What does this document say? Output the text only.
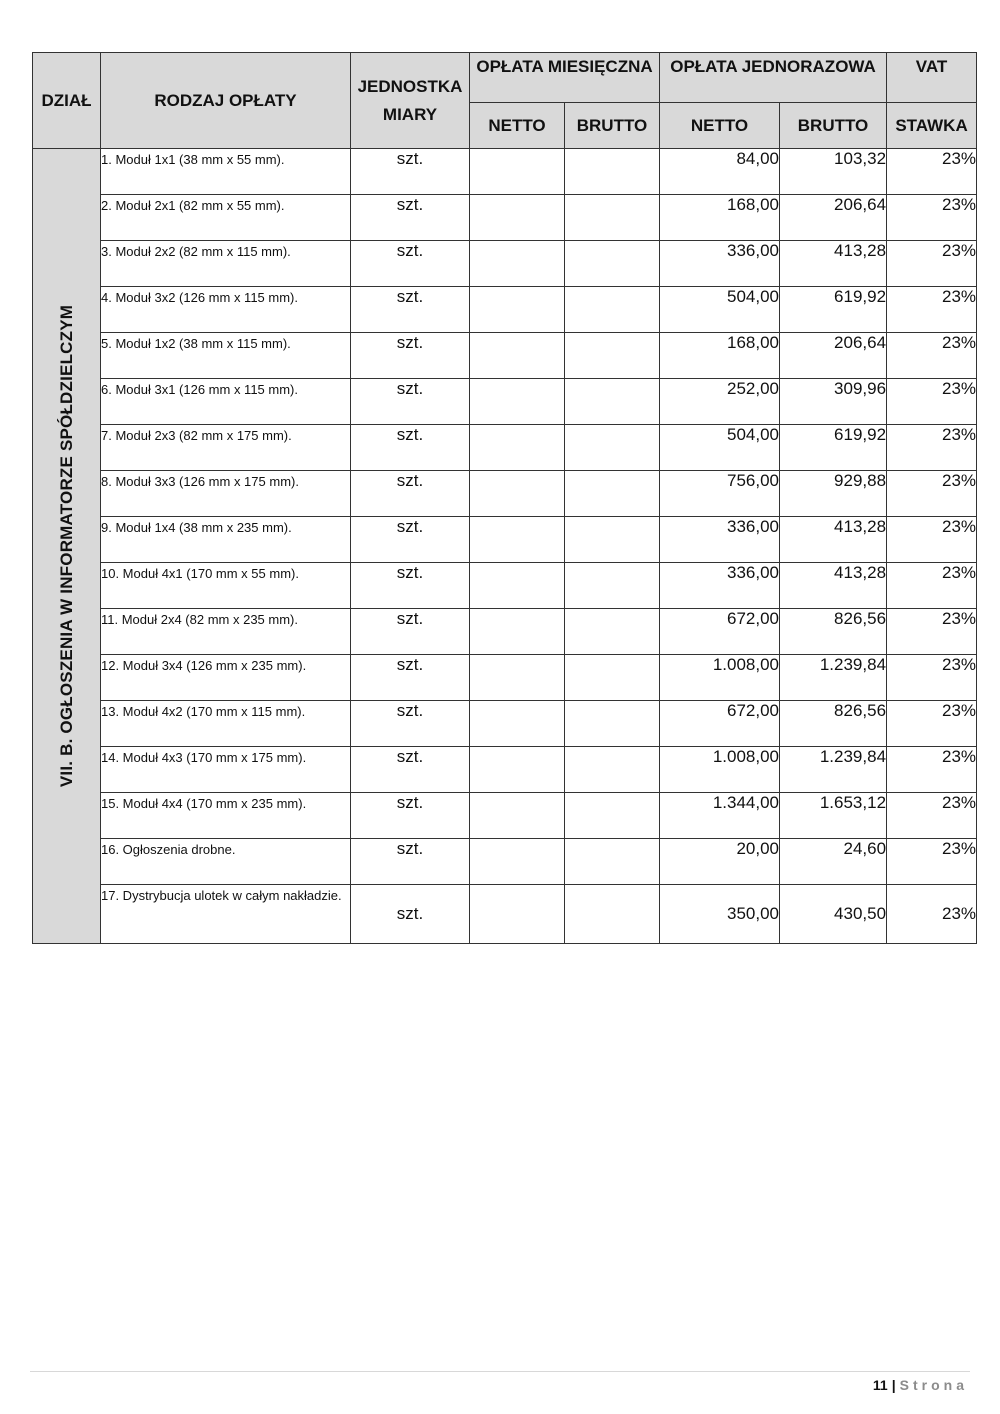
DZIAŁ	RODZAJ OPŁATY	JEDNOSTKA MIARY	OPŁATA MIESIĘCZNA		OPŁATA JEDNORAZOWA		VAT
			NETTO	BRUTTO	NETTO	BRUTTO	STAWKA

VII. B. OGŁOSZENIA W INFORMATORZE SPÓŁDZIELCZYM	1. Moduł 1x1 (38 mm x 55 mm).	szt.			84,00	103,32	23%
	2. Moduł 2x1 (82 mm x 55 mm).	szt.			168,00	206,64	23%
	3. Moduł 2x2 (82 mm x 115 mm).	szt.			336,00	413,28	23%
	4. Moduł 3x2 (126 mm x 115 mm).	szt.			504,00	619,92	23%
	5. Moduł 1x2 (38 mm x 115 mm).	szt.			168,00	206,64	23%
	6. Moduł 3x1 (126 mm x 115 mm).	szt.			252,00	309,96	23%
	7. Moduł 2x3 (82 mm x 175 mm).	szt.			504,00	619,92	23%
	8. Moduł 3x3 (126 mm x 175 mm).	szt.			756,00	929,88	23%
	9. Moduł 1x4 (38 mm x 235 mm).	szt.			336,00	413,28	23%
	10. Moduł 4x1 (170 mm x 55 mm).	szt.			336,00	413,28	23%
	11. Moduł 2x4 (82 mm x 235 mm).	szt.			672,00	826,56	23%
	12. Moduł 3x4 (126 mm x 235 mm).	szt.			1.008,00	1.239,84	23%
	13. Moduł 4x2 (170 mm x 115 mm).	szt.			672,00	826,56	23%
	14. Moduł 4x3 (170 mm x 175 mm).	szt.			1.008,00	1.239,84	23%
	15. Moduł 4x4 (170 mm x 235 mm).	szt.			1.344,00	1.653,12	23%
	16. Ogłoszenia drobne.	szt.			20,00	24,60	23%
	17. Dystrybucja ulotek w całym nakładzie.	szt.			350,00	430,50	23%
11 | Strona
